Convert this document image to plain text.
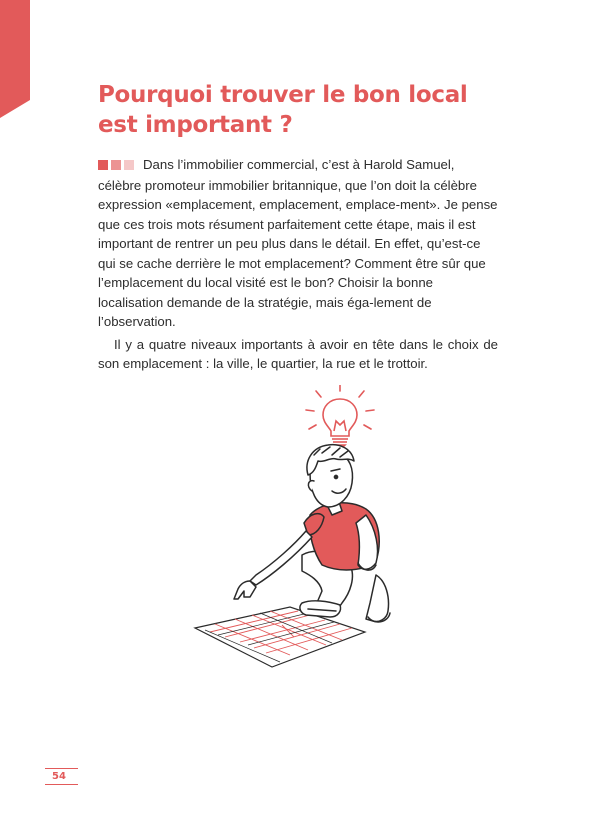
Pourquoi trouver le bon local
est important ?

Dans l’immobilier commercial, c’est à Harold Samuel, célèbre promoteur immobilier britannique, que l’on doit la célèbre expression «emplacement, emplacement, emplace-ment». Je pense que ces trois mots résument parfaitement cette étape, mais il est important de rentrer un peu plus dans le détail. En effet, qu’est-ce qui se cache derrière le mot emplacement? Comment être sûr que l’emplacement du local visité est le bon? Choisir la bonne localisation demande de la stratégie, mais éga-lement de l’observation.

Il y a quatre niveaux importants à avoir en tête dans le choix de son emplacement : la ville, le quartier, la rue et le trottoir.

54
